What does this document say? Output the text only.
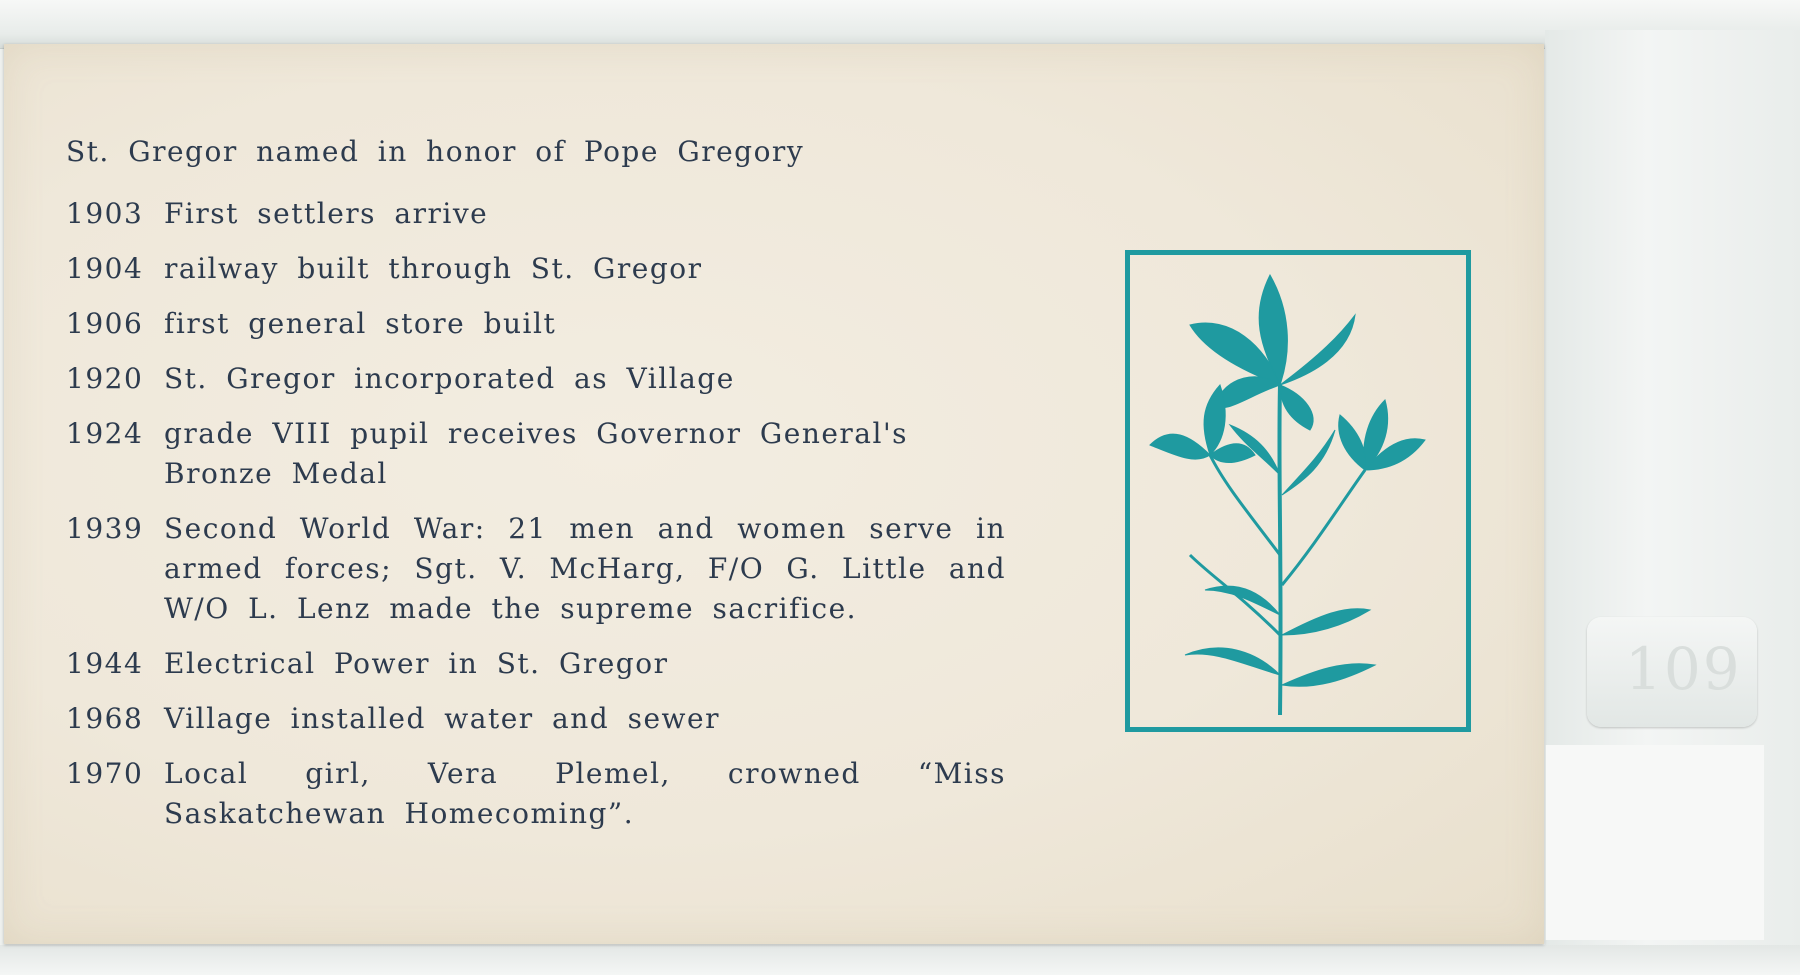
109
St. Gregor named in honor of Pope Gregory
1903 First settlers arrive
1904 railway built through St. Gregor
1906 first general store built
1920 St. Gregor incorporated as Village
1924 grade VIII pupil receives Governor General's Bronze Medal
1939 Second World War: 21 men and women serve in armed forces; Sgt. V. McHarg, F/O G. Little and W/O L. Lenz made the supreme sacrifice.
1944 Electrical Power in St. Gregor
1968 Village installed water and sewer
1970 Local girl, Vera Plemel, crowned “Miss Saskatchewan Homecoming”.
